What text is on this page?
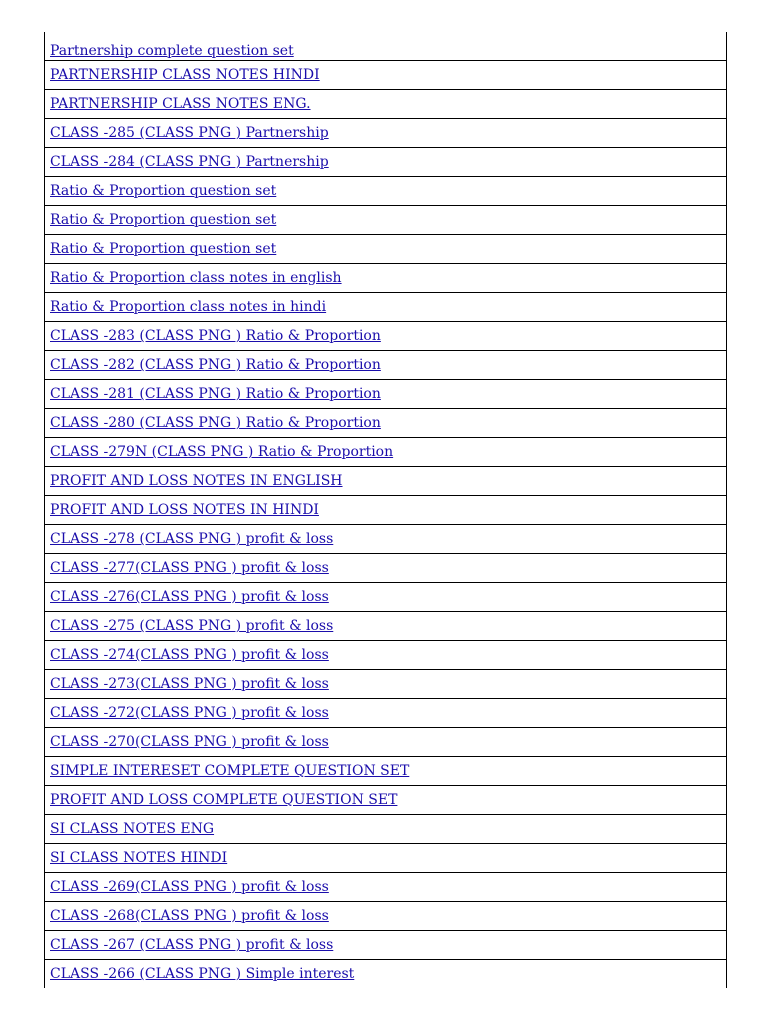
Partnership complete question set
PARTNERSHIP CLASS NOTES HINDI
PARTNERSHIP CLASS NOTES ENG.
CLASS -285 (CLASS PNG ) Partnership
CLASS -284 (CLASS PNG ) Partnership
Ratio & Proportion question set
Ratio & Proportion question set
Ratio & Proportion question set
Ratio & Proportion class notes in english
Ratio & Proportion class notes in hindi
CLASS -283 (CLASS PNG ) Ratio & Proportion
CLASS -282 (CLASS PNG ) Ratio & Proportion
CLASS -281 (CLASS PNG ) Ratio & Proportion
CLASS -280 (CLASS PNG ) Ratio & Proportion
CLASS -279N (CLASS PNG ) Ratio & Proportion
PROFIT AND LOSS NOTES IN ENGLISH
PROFIT AND LOSS NOTES IN HINDI
CLASS -278 (CLASS PNG ) profit & loss
CLASS -277(CLASS PNG ) profit & loss
CLASS -276(CLASS PNG ) profit & loss
CLASS -275 (CLASS PNG ) profit & loss
CLASS -274(CLASS PNG ) profit & loss
CLASS -273(CLASS PNG ) profit & loss
CLASS -272(CLASS PNG ) profit & loss
CLASS -270(CLASS PNG ) profit & loss
SIMPLE INTERESET COMPLETE QUESTION SET
PROFIT AND LOSS COMPLETE QUESTION SET
SI CLASS NOTES ENG
SI CLASS NOTES HINDI
CLASS -269(CLASS PNG ) profit & loss
CLASS -268(CLASS PNG ) profit & loss
CLASS -267 (CLASS PNG ) profit & loss
CLASS -266 (CLASS PNG ) Simple interest
